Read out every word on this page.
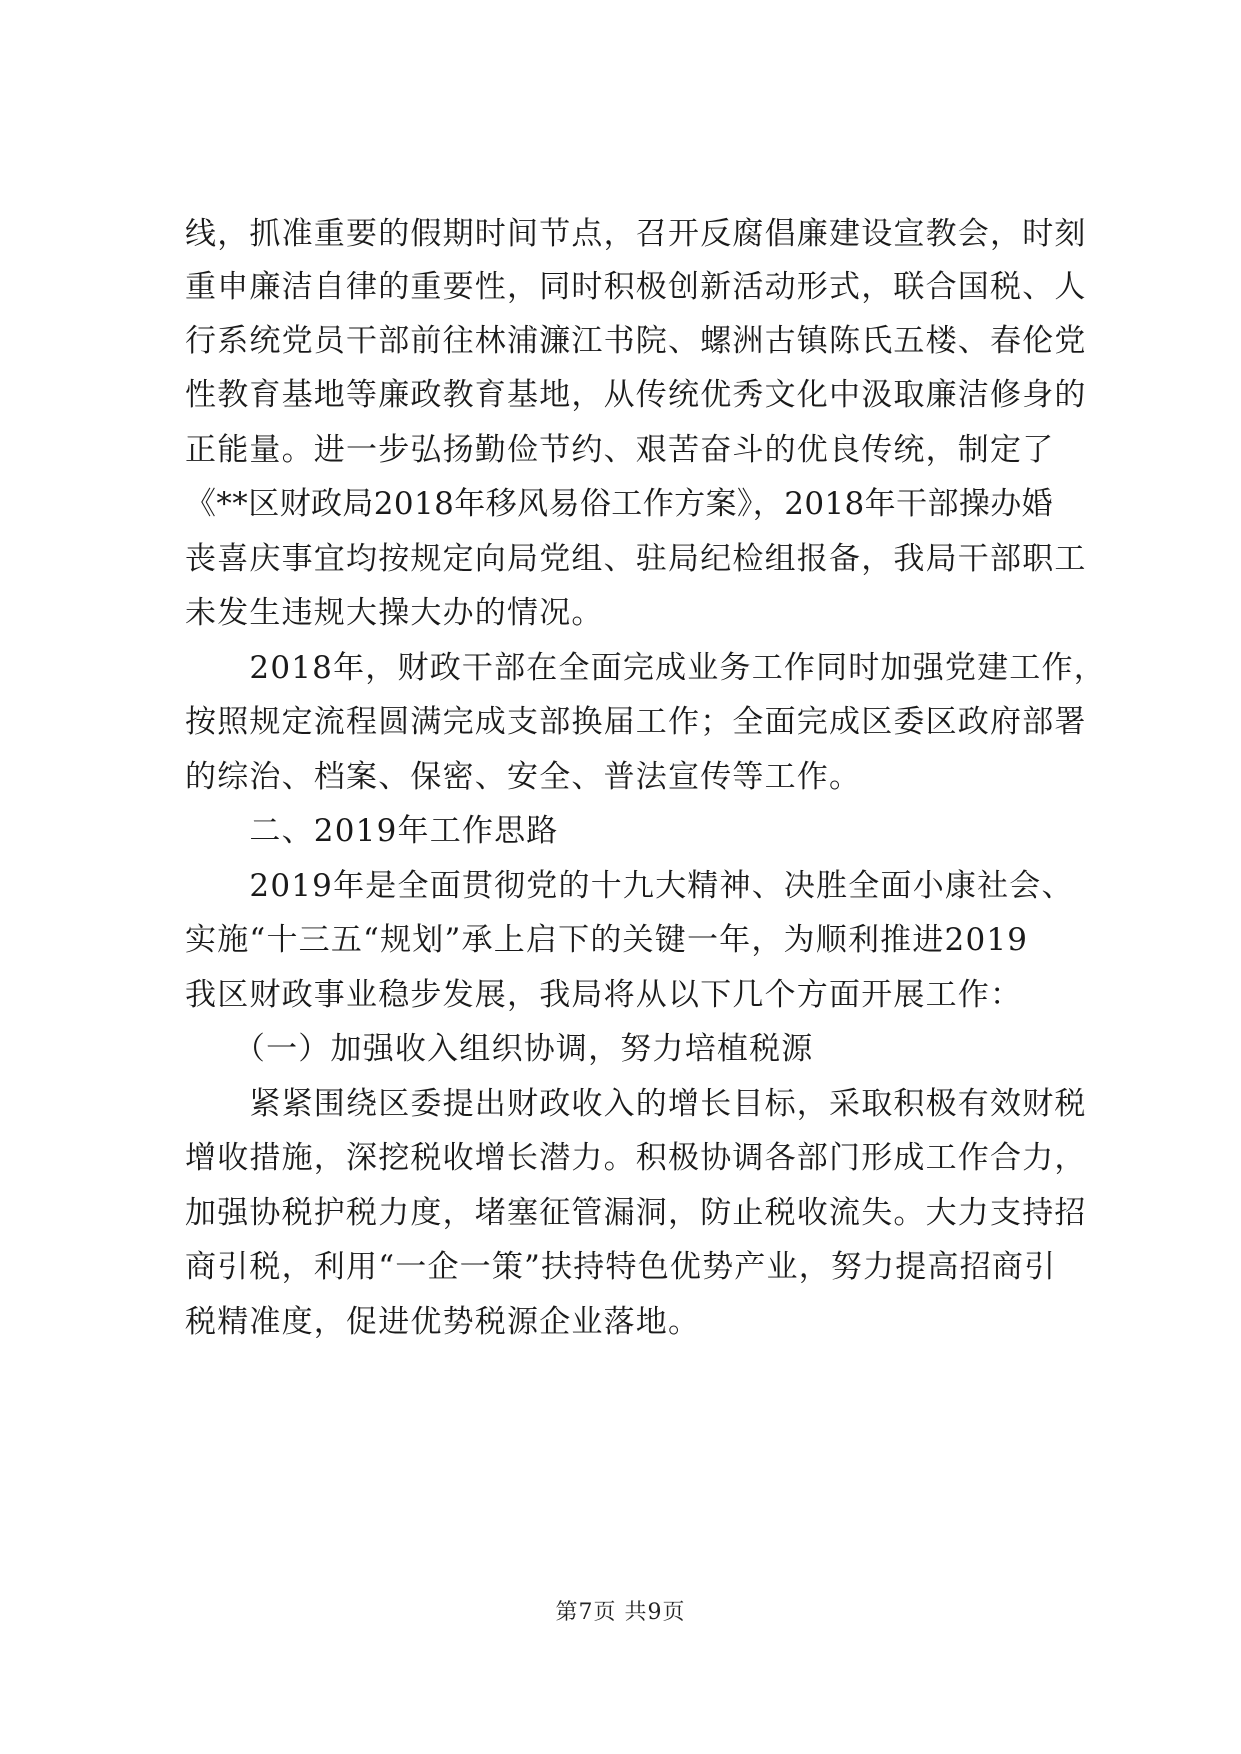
线，抓准重要的假期时间节点，召开反腐倡廉建设宣教会，时刻
重申廉洁自律的重要性，同时积极创新活动形式，联合国税、人
行系统党员干部前往林浦濂江书院、螺洲古镇陈氏五楼、春伦党
性教育基地等廉政教育基地，从传统优秀文化中汲取廉洁修身的
正能量。进一步弘扬勤俭节约、艰苦奋斗的优良传统，制定了
《**区财政局2018年移风易俗工作方案》，2018年干部操办婚
丧喜庆事宜均按规定向局党组、驻局纪检组报备，我局干部职工
未发生违规大操大办的情况。
　　2018年，财政干部在全面完成业务工作同时加强党建工作，
按照规定流程圆满完成支部换届工作；全面完成区委区政府部署
的综治、档案、保密、安全、普法宣传等工作。
　　二、2019年工作思路
　　2019年是全面贯彻党的十九大精神、决胜全面小康社会、
实施“十三五“规划”承上启下的关键一年，为顺利推进2019
我区财政事业稳步发展，我局将从以下几个方面开展工作：
　　（一）加强收入组织协调，努力培植税源
　　紧紧围绕区委提出财政收入的增长目标，采取积极有效财税
增收措施，深挖税收增长潜力。积极协调各部门形成工作合力，
加强协税护税力度，堵塞征管漏洞，防止税收流失。大力支持招
商引税，利用“一企一策”扶持特色优势产业，努力提高招商引
税精准度，促进优势税源企业落地。
第7页 共9页
